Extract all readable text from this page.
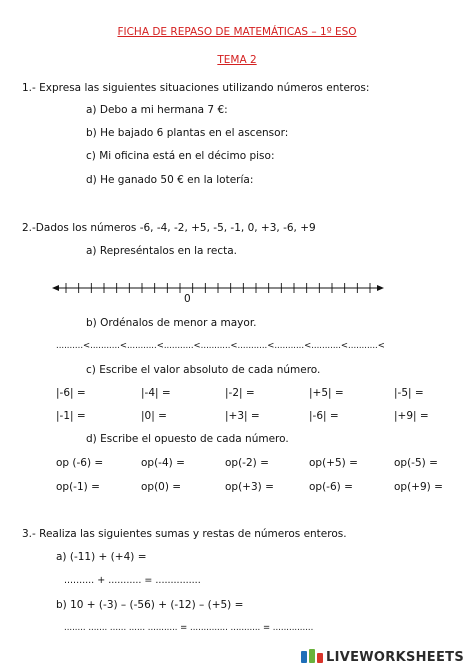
FICHA DE REPASO DE MATEMÁTICAS – 1º ESO
TEMA 2
1.- Expresa las siguientes situaciones utilizando números enteros:
a) Debo a mi hermana 7 €:
b) He bajado 6 plantas en el ascensor:
c) Mi oficina está en el décimo piso:
d) He ganado 50 € en la lotería:
2.-Dados los números -6, -4, -2, +5, -5, -1, 0, +3, -6, +9
a) Represéntalos en la recta.
0
b) Ordénalos de menor a mayor.
..........<...........<...........<...........<...........<...........<...........<...........<...........<
c) Escribe el valor absoluto de cada número.
|-6| =	|-4| =	|-2| =	|+5| =	|-5| =
|-1| =	|0| =	|+3| =	|-6| =	|+9| =
d) Escribe el opuesto de cada número.
op (-6) =	op(-4) =	op(-2) =	op(+5) =	op(-5) =
op(-1) =	op(0) =	op(+3) =	op(-6) =	op(+9) =
3.- Realiza las siguientes sumas y restas de números enteros.
a) (-11) + (+4) =
.......... + ........... = ...............
b) 10 + (-3) – (-56) + (-12) – (+5) =
........ ....... ...... ...... ........... = .............. ........... = ...............
LIVEWORKSHEETS
